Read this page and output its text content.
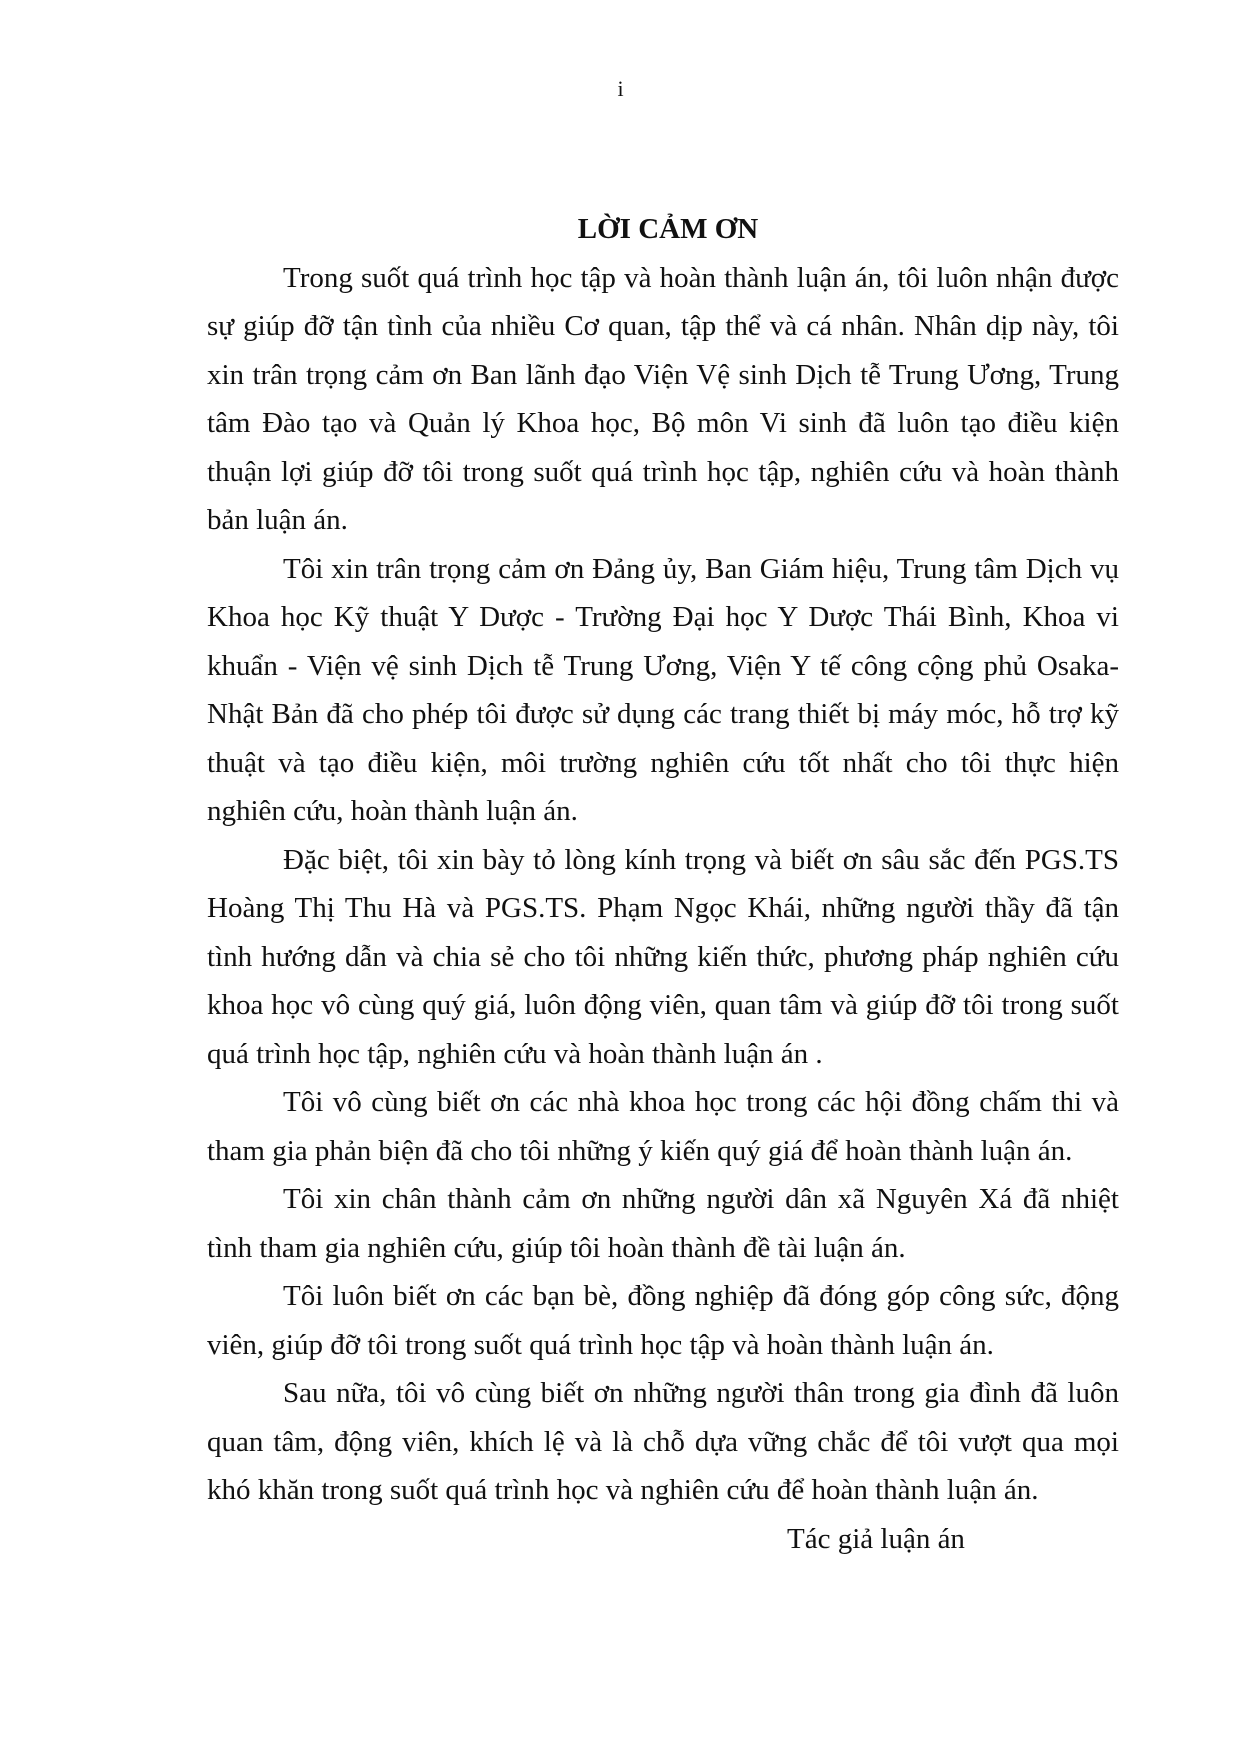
i
LỜI CẢM ƠN

Trong suốt quá trình học tập và hoàn thành luận án, tôi luôn nhận được sự giúp đỡ tận tình của nhiều Cơ quan, tập thể và cá nhân. Nhân dịp này, tôi xin trân trọng cảm ơn Ban lãnh đạo Viện Vệ sinh Dịch tễ Trung Ương, Trung tâm Đào tạo và Quản lý Khoa học, Bộ môn Vi sinh đã luôn tạo điều kiện thuận lợi giúp đỡ tôi trong suốt quá trình học tập, nghiên cứu và hoàn thành bản luận án.

Tôi xin trân trọng cảm ơn Đảng ủy, Ban Giám hiệu, Trung tâm Dịch vụ Khoa học Kỹ thuật Y Dược - Trường Đại học Y Dược Thái Bình, Khoa vi khuẩn - Viện vệ sinh Dịch tễ Trung Ương, Viện Y tế công cộng phủ Osaka-Nhật Bản đã cho phép tôi được sử dụng các trang thiết bị máy móc, hỗ trợ kỹ thuật và tạo điều kiện, môi trường nghiên cứu tốt nhất cho tôi thực hiện nghiên cứu, hoàn thành luận án.

Đặc biệt, tôi xin bày tỏ lòng kính trọng và biết ơn sâu sắc đến PGS.TS Hoàng Thị Thu Hà và PGS.TS. Phạm Ngọc Khái, những người thầy đã tận tình hướng dẫn và chia sẻ cho tôi những kiến thức, phương pháp nghiên cứu khoa học vô cùng quý giá, luôn động viên, quan tâm và giúp đỡ tôi trong suốt quá trình học tập, nghiên cứu và hoàn thành luận án .

Tôi vô cùng biết ơn các nhà khoa học trong các hội đồng chấm thi và tham gia phản biện đã cho tôi những ý kiến quý giá để hoàn thành luận án.

Tôi xin chân thành cảm ơn những người dân xã Nguyên Xá đã nhiệt tình tham gia nghiên cứu, giúp tôi hoàn thành đề tài luận án.

Tôi luôn biết ơn các bạn bè, đồng nghiệp đã đóng góp công sức, động viên, giúp đỡ tôi trong suốt quá trình học tập và hoàn thành luận án.

Sau nữa, tôi vô cùng biết ơn những người thân trong gia đình đã luôn quan tâm, động viên, khích lệ và là chỗ dựa vững chắc để tôi vượt qua mọi khó khăn trong suốt quá trình học và nghiên cứu để hoàn thành luận án.

Tác giả luận án
